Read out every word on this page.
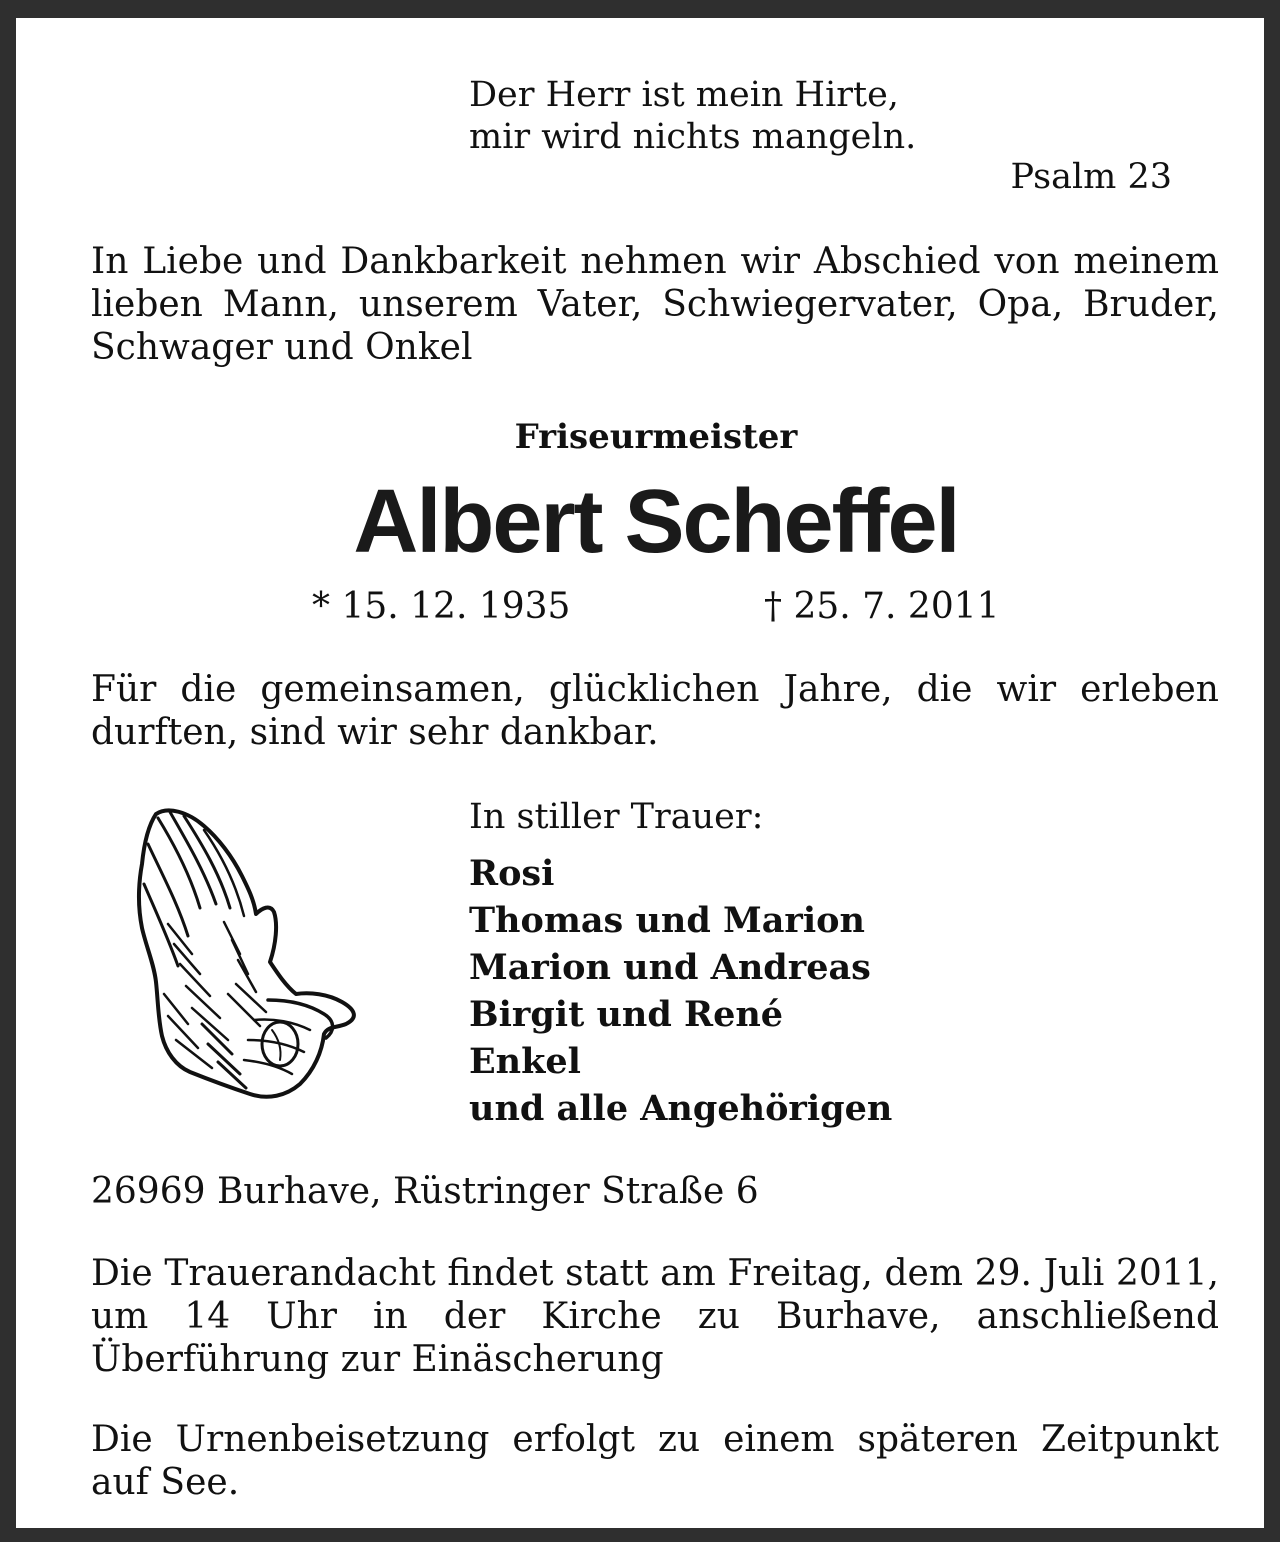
Der Herr ist mein Hirte,
mir wird nichts mangeln.
Psalm 23
In Liebe und Dankbarkeit nehmen wir Abschied von meinem lieben Mann, unserem Vater, Schwiegervater, Opa, Bruder, Schwager und Onkel
Friseurmeister
Albert Scheffel
* 15. 12. 1935	† 25. 7. 2011
Für die gemeinsamen, glücklichen Jahre, die wir erleben durften, sind wir sehr dankbar.
In stiller Trauer:
Rosi
Thomas und Marion
Marion und Andreas
Birgit und René
Enkel
und alle Angehörigen
26969 Burhave, Rüstringer Straße 6
Die Trauerandacht findet statt am Freitag, dem 29. Juli 2011, um 14 Uhr in der Kirche zu Burhave, anschließend Überführung zur Einäscherung
Die Urnenbeisetzung erfolgt zu einem späteren Zeitpunkt auf See.
